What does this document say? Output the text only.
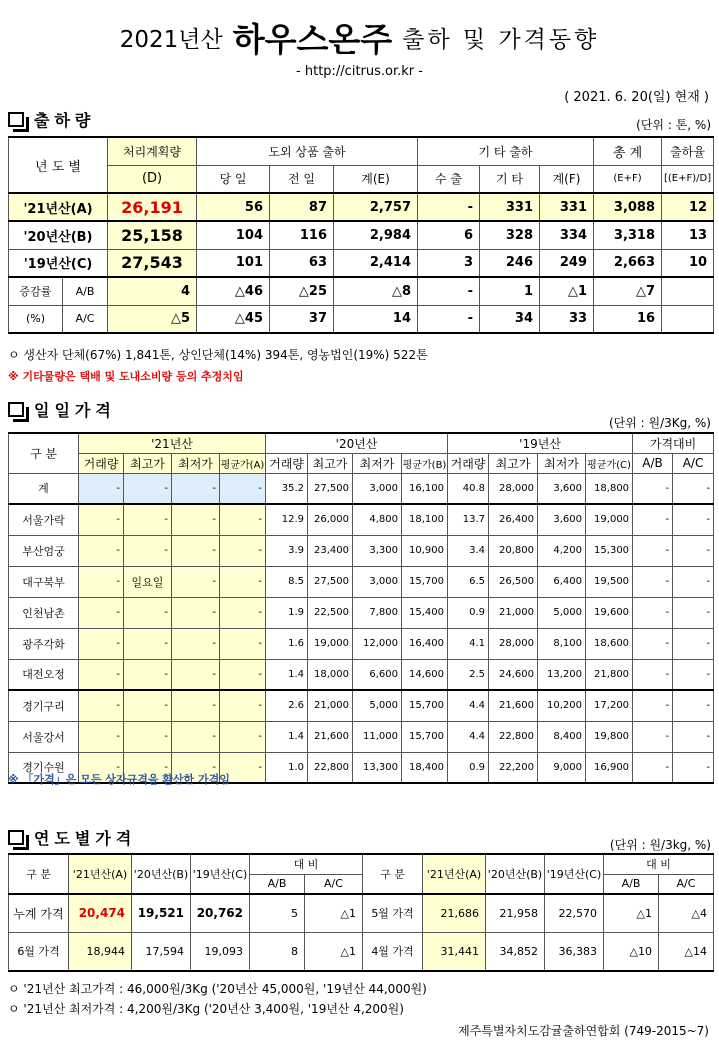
2021년산 하우스온주 출하 및 가격동향
- http://citrus.or.kr -
( 2021. 6. 20(일) 현재 )
출하량	(단위 : 톤, %)
년 도 별		처리계획량	도외 상품 출하			기 타 출하			총 계	출하율
		(D)	당 일	전 일	계(E)	수 출	기 타	계(F)	(E+F)	[(E+F)/D]
'21년산(A)		26,191	56	87	2,757	-	331	331	3,088	12
'20년산(B)		25,158	104	116	2,984	6	328	334	3,318	13
'19년산(C)		27,543	101	63	2,414	3	246	249	2,663	10
증감률	A/B	4	△46	△25	△8	-	1	△1	△7	
(%)	A/C	△5	△45	37	14	-	34	33	16	
ㅇ 생산자 단체(67%) 1,841톤, 상인단체(14%) 394톤, 영농법인(19%) 522톤
※ 기타물량은 택배 및 도내소비량 등의 추정치임
일일가격
(단위 : 원/3Kg, %)
구 분	'21년산				'20년산				'19년산				가격대비	
	거래량	최고가	최저가	평균가(A)	거래량	최고가	최저가	평균가(B)	거래량	최고가	최저가	평균가(C)	A/B	A/C
계	-	-	-	-	35.2	27,500	3,000	16,100	40.8	28,000	3,600	18,800	-	-
서울가락	-	-	-	-	12.9	26,000	4,800	18,100	13.7	26,400	3,600	19,000	-	-
부산엄궁	-	-	-	-	3.9	23,400	3,300	10,900	3.4	20,800	4,200	15,300	-	-
대구북부	-	일요일	-	-	8.5	27,500	3,000	15,700	6.5	26,500	6,400	19,500	-	-
인천남촌	-	-	-	-	1.9	22,500	7,800	15,400	0.9	21,000	5,000	19,600	-	-
광주각화	-	-	-	-	1.6	19,000	12,000	16,400	4.1	28,000	8,100	18,600	-	-
대전오정	-	-	-	-	1.4	18,000	6,600	14,600	2.5	24,600	13,200	21,800	-	-
경기구리	-	-	-	-	2.6	21,000	5,000	15,700	4.4	21,600	10,200	17,200	-	-
서울강서	-	-	-	-	1.4	21,600	11,000	15,700	4.4	22,800	8,400	19,800	-	-
경기수원	-	-	-	-	1.0	22,800	13,300	18,400	0.9	22,200	9,000	16,900	-	-
※ 「가격」은 모든 상자규격을 환산한 가격임
연도별가격	(단위 : 원/3kg, %)
구 분	'21년산(A)	'20년산(B)	'19년산(C)	대 비		구 분	'21년산(A)	'20년산(B)	'19년산(C)	대 비	
				A/B	A/C					A/B	A/C
누계 가격	20,474	19,521	20,762	5	△1	5월 가격	21,686	21,958	22,570	△1	△4
6월 가격	18,944	17,594	19,093	8	△1	4월 가격	31,441	34,852	36,383	△10	△14
ㅇ '21년산 최고가격 : 46,000원/3Kg ('20년산 45,000원, '19년산 44,000원)
ㅇ '21년산 최저가격 : 4,200원/3Kg ('20년산 3,400원, '19년산 4,200원)
제주특별자치도감귤출하연합회 (749-2015~7)
